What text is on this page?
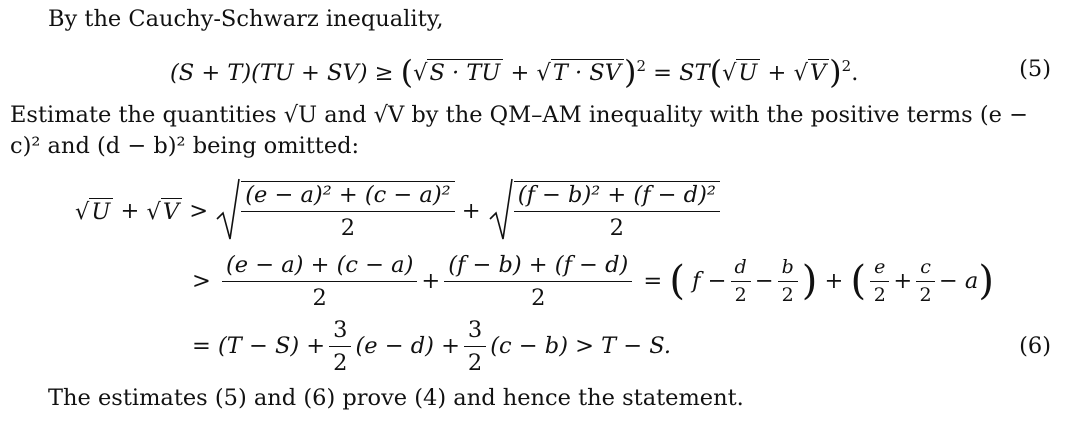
By the Cauchy-Schwarz inequality,
(S + T)(TU + SV) ≥ (√S · TU + $√T \cdot SV)^2 = ST(√U + √V)^2$.	(5)
Estimate the quantities √U and √V by the QM–AM inequality with the positive terms (e − c)² and (d − b)² being omitted:
$√U + √V > \frac{\text{(e − a)² + (c − a)²}}{2} + \frac{\text{(f − b)² + (f − d)²}}{2}$
> $\frac{(e - a) + (c - a)}{2} + \frac{(f - b) + (f - d)}{2}$ = ( $f - \frac{d}{2} - \frac{b}{2}$ ) + ( $\frac{e}{2} + \frac{c}{2} - a$ )
= $(T - S) + \frac{3}{2} (e - d) + \frac{3}{2} (c - b) > T - S$.	(6)
The estimates (5) and (6) prove (4) and hence the statement.
